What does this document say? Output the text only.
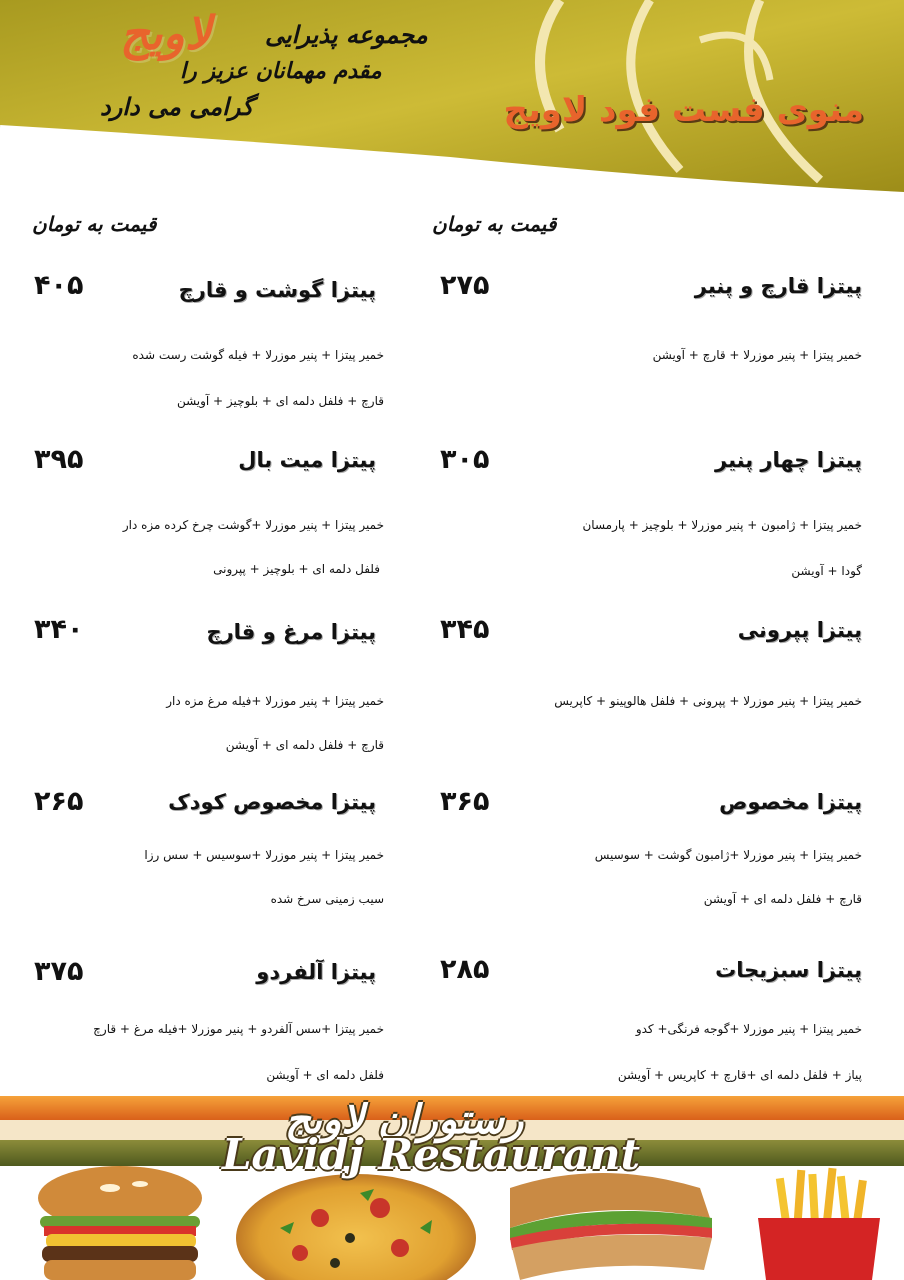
مجموعه پذیرایی
لاویج
مقدم مهمانان عزیز را
گرامی می دارد	منوی فست فود لاویج
قیمت به تومان
قیمت به تومان
پیتزا قارچ و پنیر
۲۷۵
خمیر پیتزا + پنیر موزرلا + قارچ + آویشن
پیتزا چهار پنیر
۳۰۵
خمیر پیتزا + ژامبون + پنیر موزرلا + بلوچیز + پارمسان
گودا + آویشن
پیتزا پپرونی
۳۴۵
خمیر پیتزا + پنیر موزرلا + پپرونی + فلفل هالوپینو + کاپریس
پیتزا مخصوص
۳۶۵
خمیر پیتزا + پنیر موزرلا +ژامبون گوشت + سوسیس
قارچ + فلفل دلمه ای + آویشن
پیتزا سبزیجات
۲۸۵
خمیر پیتزا + پنیر موزرلا +گوجه فرنگی+ کدو
پیاز + فلفل دلمه ای +قارچ + کاپریس + آویشن
پیتزا گوشت و قارچ
۴۰۵
خمیر پیتزا + پنیر موزرلا + فیله گوشت رست شده
قارچ + فلفل دلمه ای + بلوچیز + آویشن
پیتزا میت بال
۳۹۵
خمیر پیتزا + پنیر موزرلا +گوشت چرخ کرده مزه دار
فلفل دلمه ای + بلوچیز + پپرونی
پیتزا مرغ و قارچ
۳۴۰
خمیر پیتزا + پنیر موزرلا +فیله مرغ مزه دار
قارچ + فلفل دلمه ای + آویشن
پیتزا مخصوص کودک
۲۶۵
خمیر پیتزا + پنیر موزرلا +سوسیس + سس رزا
سیب زمینی سرخ شده
پیتزا آلفردو
۳۷۵
خمیر پیتزا +سس آلفردو + پنیر موزرلا +فیله مرغ + قارچ
فلفل دلمه ای + آویشن
رستوران لاویج
Lavidj Restaurant
